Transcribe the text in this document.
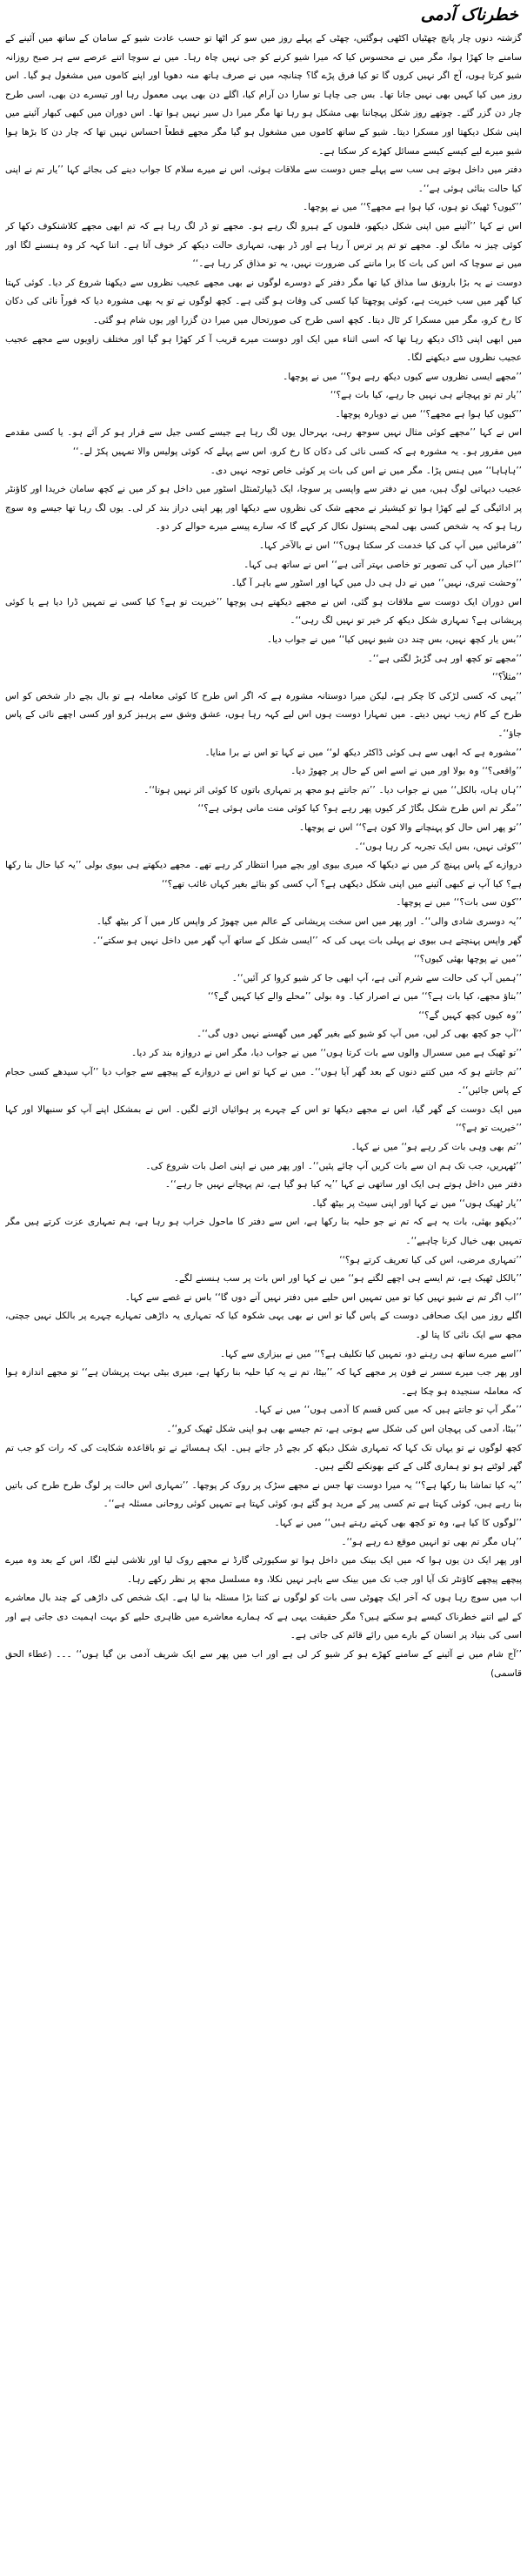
خطرناک آدمی

گزشتہ دنوں چار پانچ چھٹیاں اکٹھی ہوگئیں، چھٹی کے پہلے روز میں سو کر اٹھا تو حسب عادت شیو کے سامان کے ساتھ میں آئینے کے سامنے جا کھڑا ہوا، مگر میں نے محسوس کیا کہ میرا شیو کرنے کو جی نہیں چاہ رہا۔ میں نے سوچا اتنے عرصے سے ہر صبح روزانہ شیو کرتا ہوں، آج اگر نہیں کروں گا تو کیا فرق پڑے گا؟ چنانچہ میں نے صرف ہاتھ منہ دھویا اور اپنے کاموں میں مشغول ہو گیا۔ اس روز میں کیا کہیں بھی نہیں جانا تھا۔ بس جی چاہا تو سارا دن آرام کیا، اگلے دن بھی یہی معمول رہا اور تیسرے دن بھی، اسی طرح چار دن گزر گئے۔ چوتھے روز شکل پہچاننا بھی مشکل ہو رہا تھا مگر میرا دل سیر نہیں ہوا تھا۔ اس دوران میں کبھی کبھار آئینے میں اپنی شکل دیکھتا اور مسکرا دیتا۔ شیو کے ساتھ کاموں میں مشغول ہو گیا مگر مجھے قطعاً احساس نہیں تھا کہ چار دن کا بڑھا ہوا شیو میرے لیے کیسے کیسے مسائل کھڑے کر سکتا ہے۔

دفتر میں داخل ہوتے ہی سب سے پہلے جس دوست سے ملاقات ہوئی، اس نے میرے سلام کا جواب دینے کی بجائے کہا ’’یار تم نے اپنی کیا حالت بنائی ہوئی ہے‘‘۔

’’کیوں؟ ٹھیک تو ہوں، کیا ہوا ہے مجھے؟‘‘ میں نے پوچھا۔

اس نے کہا ’’آئینے میں اپنی شکل دیکھو، فلموں کے ہیرو لگ رہے ہو۔ مجھے تو ڈر لگ رہا ہے کہ تم ابھی مجھے کلاشنکوف دکھا کر کوئی چیز نہ مانگ لو۔ مجھے تو تم پر ترس آ رہا ہے اور ڈر بھی، تمہاری حالت دیکھ کر خوف آتا ہے۔ اتنا کہہ کر وہ ہنسنے لگا اور میں نے سوچا کہ اس کی بات کا برا ماننے کی ضرورت نہیں، یہ تو مذاق کر رہا ہے۔‘‘

دوست نے یہ بڑا بارونق سا مذاق کیا تھا مگر دفتر کے دوسرے لوگوں نے بھی مجھے عجیب نظروں سے دیکھنا شروع کر دیا۔ کوئی کہتا کیا گھر میں سب خیریت ہے، کوئی پوچھتا کیا کسی کی وفات ہو گئی ہے۔ کچھ لوگوں نے تو یہ بھی مشورہ دیا کہ فوراً نائی کی دکان کا رخ کرو، مگر میں مسکرا کر ٹال دیتا۔ کچھ اسی طرح کی صورتحال میں میرا دن گزرا اور یوں شام ہو گئی۔

میں ابھی اپنی ڈاک دیکھ رہا تھا کہ اسی اثناء میں ایک اور دوست میرے قریب آ کر کھڑا ہو گیا اور مختلف زاویوں سے مجھے عجیب عجیب نظروں سے دیکھنے لگا۔

’’مجھے ایسی نظروں سے کیوں دیکھ رہے ہو؟‘‘ میں نے پوچھا۔

’’یار تم تو پہچانے ہی نہیں جا رہے، کیا بات ہے؟‘‘

’’کیوں کیا ہوا ہے مجھے؟‘‘ میں نے دوبارہ پوچھا۔

اس نے کہا ’’مجھے کوئی مثال نہیں سوجھ رہی، بہرحال یوں لگ رہا ہے جیسے کسی جیل سے فرار ہو کر آئے ہو۔ یا کسی مقدمے میں مفرور ہو۔ یہ مشورہ ہے کہ کسی نائی کی دکان کا رخ کرو، اس سے پہلے کہ کوئی پولیس والا تمہیں پکڑ لے۔‘‘

’’ہاہاہا‘‘ میں ہنس پڑا۔ مگر میں نے اس کی بات پر کوئی خاص توجہ نہیں دی۔

عجیب دیہاتی لوگ ہیں، میں نے دفتر سے واپسی پر سوچا، ایک ڈیپارٹمنٹل اسٹور میں داخل ہو کر میں نے کچھ سامان خریدا اور کاؤنٹر پر ادائیگی کے لیے کھڑا ہوا تو کیشیئر نے مجھے شک کی نظروں سے دیکھا اور پھر اپنی دراز بند کر لی۔ یوں لگ رہا تھا جیسے وہ سوچ رہا ہو کہ یہ شخص کسی بھی لمحے پستول نکال کر کہے گا کہ سارے پیسے میرے حوالے کر دو۔

’’فرمائیں میں آپ کی کیا خدمت کر سکتا ہوں؟‘‘ اس نے بالآخر کہا۔

’’اخبار میں آپ کی تصویر تو خاصی بہتر آتی ہے‘‘ اس نے ساتھ ہی کہا۔

’’وحشت تیری، نہیں‘‘ میں نے دل ہی دل میں کہا اور اسٹور سے باہر آ گیا۔

اس دوران ایک دوست سے ملاقات ہو گئی، اس نے مجھے دیکھتے ہی پوچھا ’’خیریت تو ہے؟ کیا کسی نے تمہیں ڈرا دیا ہے یا کوئی پریشانی ہے؟ تمہاری شکل دیکھ کر خیر تو نہیں لگ رہی‘‘۔

’’بس یار کچھ نہیں، بس چند دن شیو نہیں کیا‘‘ میں نے جواب دیا۔

’’مجھے تو کچھ اور ہی گڑبڑ لگتی ہے‘‘۔

’’مثلاً؟‘‘

’’یہی کہ کسی لڑکی کا چکر ہے، لیکن میرا دوستانہ مشورہ ہے کہ اگر اس طرح کا کوئی معاملہ ہے تو بال بچے دار شخص کو اس طرح کے کام زیب نہیں دیتے۔ میں تمہارا دوست ہوں اس لیے کہہ رہا ہوں، عشق وشق سے پرہیز کرو اور کسی اچھے نائی کے پاس جاؤ‘‘۔

’’مشورہ ہے کہ ابھی سے ہی کوئی ڈاکٹر دیکھ لو‘‘ میں نے کہا تو اس نے برا منایا۔

’’واقعی؟‘‘ وہ بولا اور میں نے اسے اس کے حال پر چھوڑ دیا۔

’’ہاں ہاں، بالکل‘‘ میں نے جواب دیا۔ ’’تم جانتے ہو مجھ پر تمہاری باتوں کا کوئی اثر نہیں ہوتا‘‘۔

’’مگر تم اس طرح شکل بگاڑ کر کیوں پھر رہے ہو؟ کیا کوئی منت مانی ہوئی ہے؟‘‘

’’تو پھر اس حال کو پہنچانے والا کون ہے؟‘‘ اس نے پوچھا۔

’’کوئی نہیں، بس ایک تجربہ کر رہا ہوں‘‘۔

دروازے کے پاس پہنچ کر میں نے دیکھا کہ میری بیوی اور بچے میرا انتظار کر رہے تھے۔ مجھے دیکھتے ہی بیوی بولی ’’یہ کیا حال بنا رکھا ہے؟ کیا آپ نے کبھی آئینے میں اپنی شکل دیکھی ہے؟ آپ کسی کو بتائے بغیر کہاں غائب تھے؟‘‘

’’کون سی بات؟‘‘ میں نے پوچھا۔

’’یہ دوسری شادی والی‘‘۔ اور پھر میں اس سخت پریشانی کے عالم میں چھوڑ کر واپس کار میں آ کر بیٹھ گیا۔

گھر واپس پہنچتے ہی بیوی نے پہلی بات یہی کی کہ ’’ایسی شکل کے ساتھ آپ گھر میں داخل نہیں ہو سکتے‘‘۔

’’میں نے پوچھا بھئی کیوں؟‘‘

’’ہمیں آپ کی حالت سے شرم آتی ہے، آپ ابھی جا کر شیو کروا کر آئیں‘‘۔

’’بتاؤ مجھے، کیا بات ہے؟‘‘ میں نے اصرار کیا۔ وہ بولی ’’محلے والے کیا کہیں گے؟‘‘

’’وہ کیوں کچھ کہیں گے؟‘‘

’’آپ جو کچھ بھی کر لیں، میں آپ کو شیو کیے بغیر گھر میں گھسنے نہیں دوں گی‘‘۔

’’تو ٹھیک ہے میں سسرال والوں سے بات کرتا ہوں‘‘ میں نے جواب دیا، مگر اس نے دروازہ بند کر دیا۔

’’تم جانتے ہو کہ میں کتنے دنوں کے بعد گھر آیا ہوں‘‘۔ میں نے کہا تو اس نے دروازے کے پیچھے سے جواب دیا ’’آپ سیدھے کسی حجام کے پاس جائیں‘‘۔

میں ایک دوست کے گھر گیا، اس نے مجھے دیکھا تو اس کے چہرے پر ہوائیاں اڑنے لگیں۔ اس نے بمشکل اپنے آپ کو سنبھالا اور کہا ’’خیریت تو ہے؟‘‘

’’تم بھی وہی بات کر رہے ہو‘‘ میں نے کہا۔

’’ٹھہریں، جب تک ہم ان سے بات کریں آپ چائے پئیں‘‘۔ اور پھر میں نے اپنی اصل بات شروع کی۔

دفتر میں داخل ہوتے ہی ایک اور ساتھی نے کہا ’’یہ کیا ہو گیا ہے، تم پہچانے نہیں جا رہے‘‘۔

’’یار ٹھیک ہوں‘‘ میں نے کہا اور اپنی سیٹ پر بیٹھ گیا۔

’’دیکھو بھئی، بات یہ ہے کہ تم نے جو حلیہ بنا رکھا ہے، اس سے دفتر کا ماحول خراب ہو رہا ہے، ہم تمہاری عزت کرتے ہیں مگر تمہیں بھی خیال کرنا چاہیے‘‘۔

’’تمہاری مرضی، اس کی کیا تعریف کرتے ہو؟‘‘

’’بالکل ٹھیک ہے، تم ایسے ہی اچھے لگتے ہو‘‘ میں نے کہا اور اس بات پر سب ہنسنے لگے۔

’’اب اگر تم نے شیو نہیں کیا تو میں تمہیں اس حلیے میں دفتر نہیں آنے دوں گا‘‘ باس نے غصے سے کہا۔

اگلے روز میں ایک صحافی دوست کے پاس گیا تو اس نے بھی یہی شکوہ کیا کہ تمہاری یہ داڑھی تمہارے چہرے پر بالکل نہیں جچتی، مجھ سے ایک نائی کا پتا لو۔

’’اسے میرے ساتھ ہی رہنے دو، تمہیں کیا تکلیف ہے؟‘‘ میں نے بیزاری سے کہا۔

اور پھر جب میرے سسر نے فون پر مجھے کہا کہ ’’بیٹا، تم نے یہ کیا حلیہ بنا رکھا ہے، میری بیٹی بہت پریشان ہے‘‘ تو مجھے اندازہ ہوا کہ معاملہ سنجیدہ ہو چکا ہے۔

’’مگر آپ تو جانتے ہیں کہ میں کس قسم کا آدمی ہوں‘‘ میں نے کہا۔

’’بیٹا، آدمی کی پہچان اس کی شکل سے ہوتی ہے، تم جیسے بھی ہو اپنی شکل ٹھیک کرو‘‘۔

کچھ لوگوں نے تو یہاں تک کہا کہ تمہاری شکل دیکھ کر بچے ڈر جاتے ہیں۔ ایک ہمسائے نے تو باقاعدہ شکایت کی کہ رات کو جب تم گھر لوٹتے ہو تو ہماری گلی کے کتے بھونکنے لگتے ہیں۔

’’یہ کیا تماشا بنا رکھا ہے؟‘‘ یہ میرا دوست تھا جس نے مجھے سڑک پر روک کر پوچھا۔ ’’تمہاری اس حالت پر لوگ طرح طرح کی باتیں بنا رہے ہیں، کوئی کہتا ہے تم کسی پیر کے مرید ہو گئے ہو، کوئی کہتا ہے تمہیں کوئی روحانی مسئلہ ہے‘‘۔

’’لوگوں کا کیا ہے، وہ تو کچھ بھی کہتے رہتے ہیں‘‘ میں نے کہا۔

’’ہاں مگر تم بھی تو انہیں موقع دے رہے ہو‘‘۔

اور پھر ایک دن یوں ہوا کہ میں ایک بینک میں داخل ہوا تو سکیورٹی گارڈ نے مجھے روک لیا اور تلاشی لینے لگا، اس کے بعد وہ میرے پیچھے پیچھے کاؤنٹر تک آیا اور جب تک میں بینک سے باہر نہیں نکلا، وہ مسلسل مجھ پر نظر رکھے رہا۔

اب میں سوچ رہا ہوں کہ آخر ایک چھوٹی سی بات کو لوگوں نے کتنا بڑا مسئلہ بنا لیا ہے۔ ایک شخص کی داڑھی کے چند بال معاشرے کے لیے اتنے خطرناک کیسے ہو سکتے ہیں؟ مگر حقیقت یہی ہے کہ ہمارے معاشرے میں ظاہری حلیے کو بہت اہمیت دی جاتی ہے اور اسی کی بنیاد پر انسان کے بارے میں رائے قائم کی جاتی ہے۔

’’آج شام میں نے آئینے کے سامنے کھڑے ہو کر شیو کر لی ہے اور اب میں پھر سے ایک شریف آدمی بن گیا ہوں‘‘ ۔۔۔ (عطاء الحق قاسمی)
